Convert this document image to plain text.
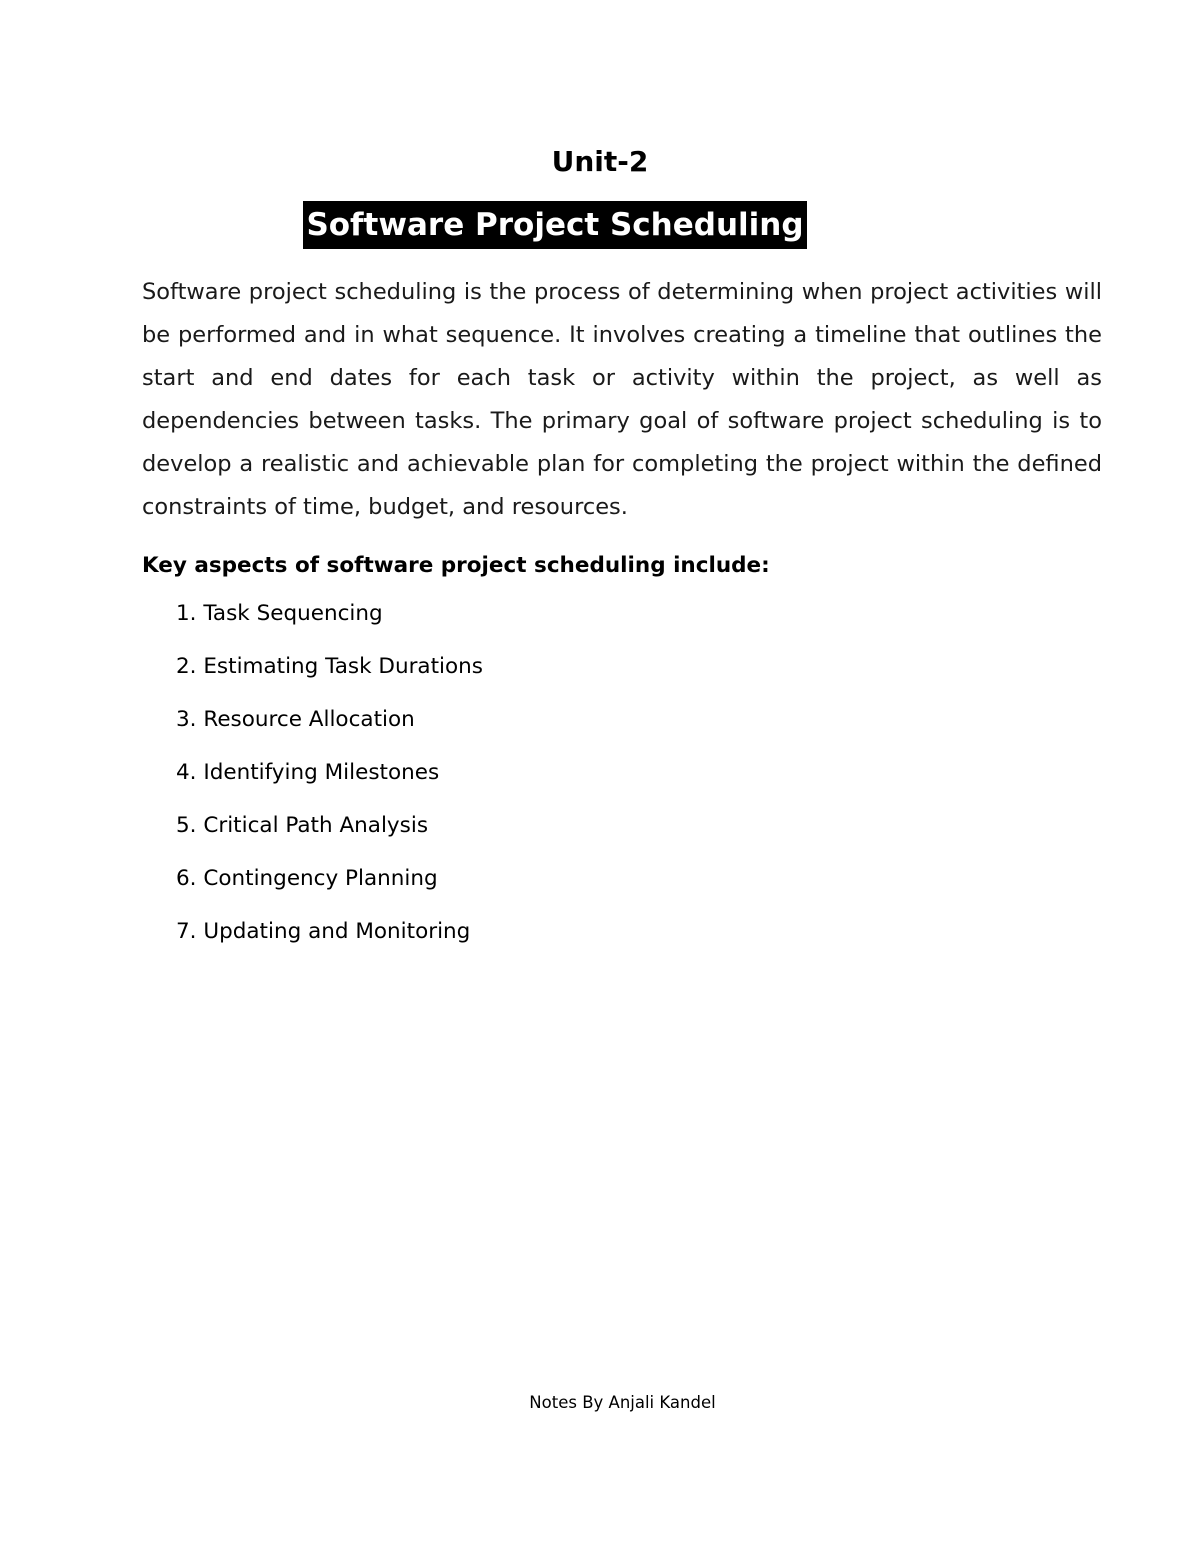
Unit-2
Software Project Scheduling

Software project scheduling is the process of determining when project activities will be performed and in what sequence. It involves creating a timeline that outlines the start and end dates for each task or activity within the project, as well as dependencies between tasks. The primary goal of software project scheduling is to develop a realistic and achievable plan for completing the project within the defined constraints of time, budget, and resources.

Key aspects of software project scheduling include:

1. Task Sequencing
2. Estimating Task Durations
3. Resource Allocation
4. Identifying Milestones
5. Critical Path Analysis
6. Contingency Planning
7. Updating and Monitoring

Notes By Anjali Kandel
